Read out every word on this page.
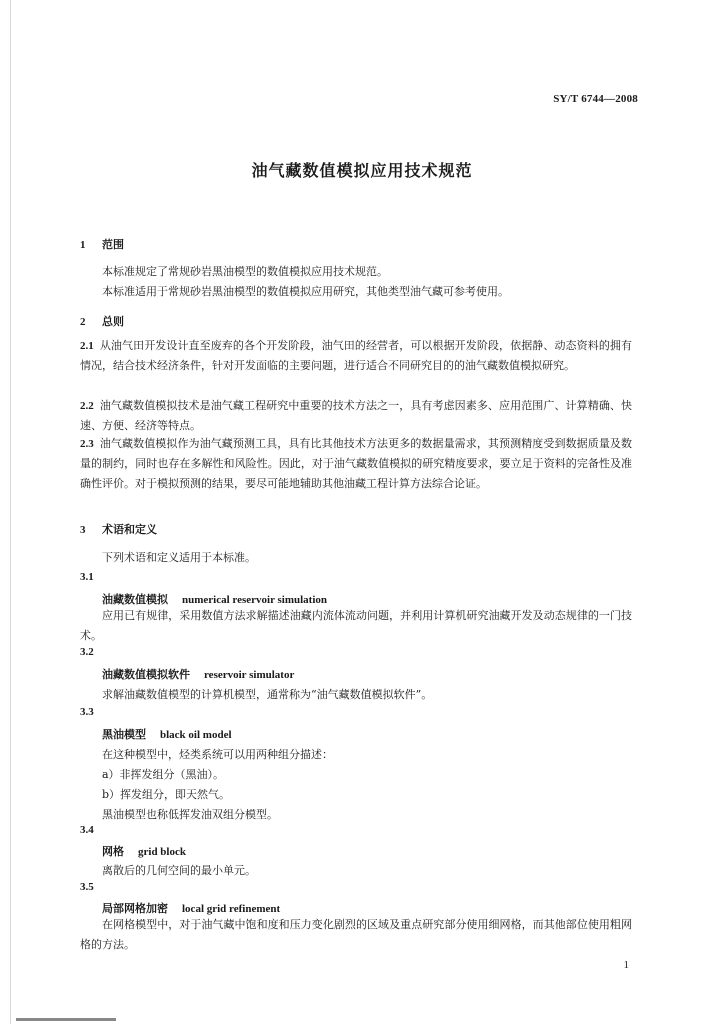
SY/T 6744—2008
油气藏数值模拟应用技术规范
1 范围
本标准规定了常规砂岩黑油模型的数值模拟应用技术规范。
本标准适用于常规砂岩黑油模型的数值模拟应用研究，其他类型油气藏可参考使用。
2 总则
2.1 从油气田开发设计直至废弃的各个开发阶段，油气田的经营者，可以根据开发阶段，依据静、动态资料的拥有情况，结合技术经济条件，针对开发面临的主要问题，进行适合不同研究目的的油气藏数值模拟研究。
2.2 油气藏数值模拟技术是油气藏工程研究中重要的技术方法之一，具有考虑因素多、应用范围广、计算精确、快速、方便、经济等特点。
2.3 油气藏数值模拟作为油气藏预测工具，具有比其他技术方法更多的数据量需求，其预测精度受到数据质量及数量的制约，同时也存在多解性和风险性。因此，对于油气藏数值模拟的研究精度要求，要立足于资料的完备性及准确性评价。对于模拟预测的结果，要尽可能地辅助其他油藏工程计算方法综合论证。
3 术语和定义
下列术语和定义适用于本标准。
3.1
油藏数值模拟 numerical reservoir simulation
应用已有规律，采用数值方法求解描述油藏内流体流动问题，并利用计算机研究油藏开发及动态规律的一门技术。
3.2
油藏数值模拟软件 reservoir simulator
求解油藏数值模型的计算机模型，通常称为“油气藏数值模拟软件”。
3.3
黑油模型 black oil model
在这种模型中，烃类系统可以用两种组分描述：
a）非挥发组分（黑油）。
b）挥发组分，即天然气。
黑油模型也称低挥发油双组分模型。
3.4
网格 grid block
离散后的几何空间的最小单元。
3.5
局部网格加密 local grid refinement
在网格模型中，对于油气藏中饱和度和压力变化剧烈的区域及重点研究部分使用细网格，而其他部位使用粗网格的方法。
1
